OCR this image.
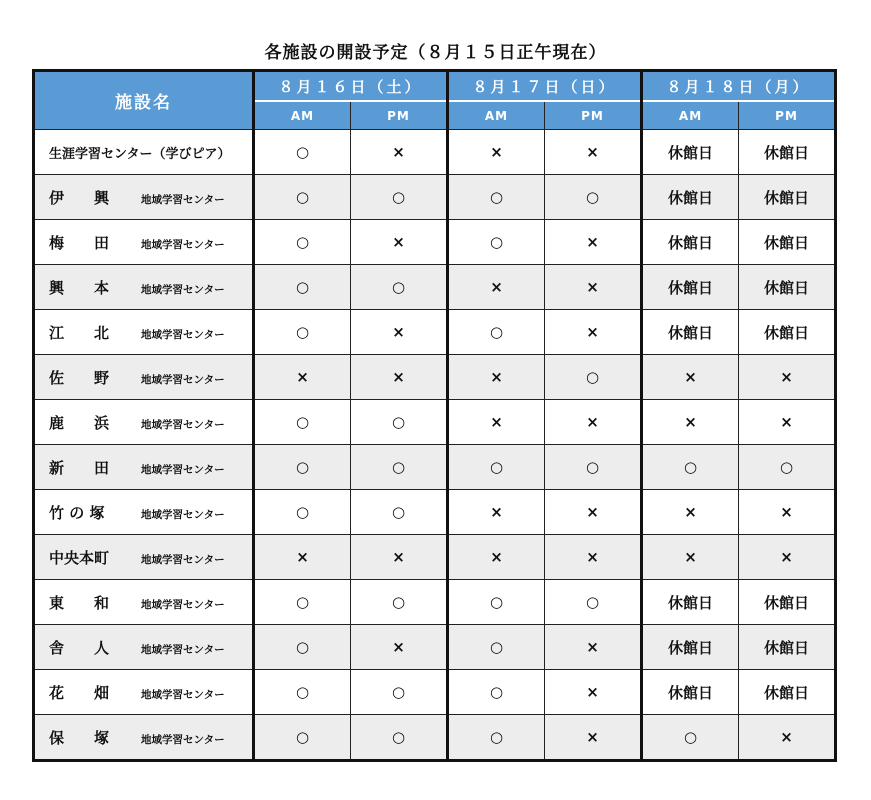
各施設の開設予定（８月１５日正午現在）
施設名	８月１６日（土）		８月１７日（日）		８月１８日（月）	
	AM	PM	AM	PM	AM	PM
生涯学習センター（学びピア）	○	×	×	×	休館日	休館日
伊　　興 地域学習センター	○	○	○	○	休館日	休館日
梅　　田 地域学習センター	○	×	○	×	休館日	休館日
興　　本 地域学習センター	○	○	×	×	休館日	休館日
江　　北 地域学習センター	○	×	○	×	休館日	休館日
佐　　野 地域学習センター	×	×	×	○	×	×
鹿　　浜 地域学習センター	○	○	×	×	×	×
新　　田 地域学習センター	○	○	○	○	○	○
竹 の 塚 地域学習センター	○	○	×	×	×	×
中央本町 地域学習センター	×	×	×	×	×	×
東　　和 地域学習センター	○	○	○	○	休館日	休館日
舎　　人 地域学習センター	○	×	○	×	休館日	休館日
花　　畑 地域学習センター	○	○	○	×	休館日	休館日
保　　塚 地域学習センター	○	○	○	×	○	×
